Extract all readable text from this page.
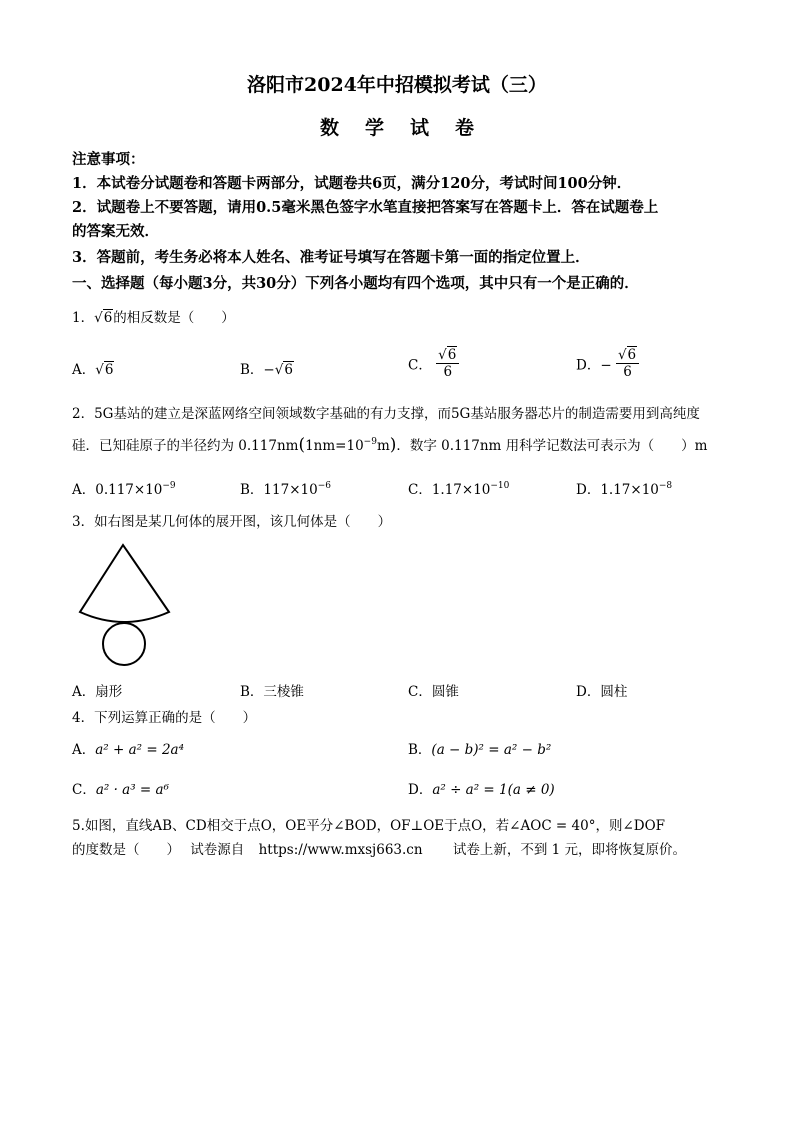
洛阳市2024年中招模拟考试（三）
数学试卷
注意事项：
1．本试卷分试题卷和答题卡两部分，试题卷共6页，满分120分，考试时间100分钟．
2．试题卷上不要答题，请用0.5毫米黑色签字水笔直接把答案写在答题卡上．答在试题卷上
的答案无效．
3．答题前，考生务必将本人姓名、准考证号填写在答题卡第一面的指定位置上．
一、选择题（每小题3分，共30分）下列各小题均有四个选项，其中只有一个是正确的．
1．√6的相反数是（　　）
A．√6	B．−√6	C． $\frac{√6}{6}$	D．− $\frac{√6}{6}$
2．5G基站的建立是深蓝网络空间领域数字基础的有力支撑，而5G基站服务器芯片的制造需要用到高纯度
硅．已知硅原子的半径约为 $0.117nm(1nm=10^{-9}m)$．数字 0.117nm 用科学记数法可表示为（　　）m
A．$0.117\times 10^{-9}$	B．$117\times 10^{-6}$	C．$1.17\times 10^{-10}$	D．$1.17\times 10^{-8}$
3．如右图是某几何体的展开图，该几何体是（　　）
A．扇形	B．三棱锥	C．圆锥	D．圆柱
4．下列运算正确的是（　　）
A．a² + a² = 2a⁴	B．(a − b)² = a² − b²
C．a² · a³ = a⁶	D．a² ÷ a² = 1(a ≠ 0)
5.如图，直线AB、CD相交于点O，OE平分∠BOD，OF⊥OE于点O，若∠AOC = 40°，则∠DOF
的度数是（　　） 试卷源自 https://www.mxsj663.cn 试卷上新，不到 1 元，即将恢复原价。
